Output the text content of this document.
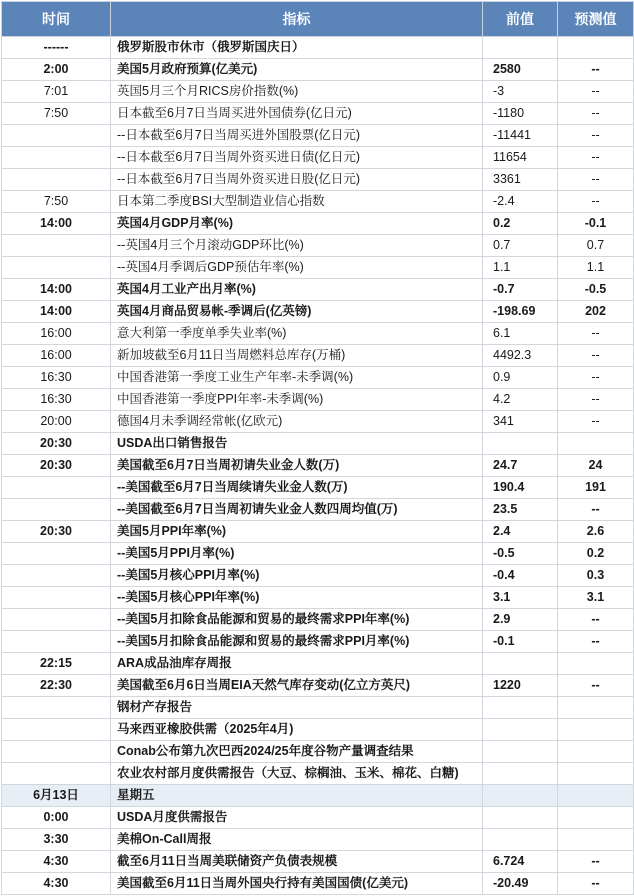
时间	指标	前值	预测值
------	俄罗斯股市休市（俄罗斯国庆日）		
2:00	美国5月政府预算(亿美元)	2580	--
7:01	英国5月三个月RICS房价指数(%)	-3	--
7:50	日本截至6月7日当周买进外国债券(亿日元)	-1180	--
	--日本截至6月7日当周买进外国股票(亿日元)	-11441	--
	--日本截至6月7日当周外资买进日债(亿日元)	11654	--
	--日本截至6月7日当周外资买进日股(亿日元)	3361	--
7:50	日本第二季度BSI大型制造业信心指数	-2.4	--
14:00	英国4月GDP月率(%)	0.2	-0.1
	--英国4月三个月滚动GDP环比(%)	0.7	0.7
	--英国4月季调后GDP预估年率(%)	1.1	1.1
14:00	英国4月工业产出月率(%)	-0.7	-0.5
14:00	英国4月商品贸易帐-季调后(亿英镑)	-198.69	202
16:00	意大利第一季度单季失业率(%)	6.1	--
16:00	新加坡截至6月11日当周燃料总库存(万桶)	4492.3	--
16:30	中国香港第一季度工业生产年率-未季调(%)	0.9	--
16:30	中国香港第一季度PPI年率-未季调(%)	4.2	--
20:00	德国4月未季调经常帐(亿欧元)	341	--
20:30	USDA出口销售报告		
20:30	美国截至6月7日当周初请失业金人数(万)	24.7	24
	--美国截至6月7日当周续请失业金人数(万)	190.4	191
	--美国截至6月7日当周初请失业金人数四周均值(万)	23.5	--
20:30	美国5月PPI年率(%)	2.4	2.6
	--美国5月PPI月率(%)	-0.5	0.2
	--美国5月核心PPI月率(%)	-0.4	0.3
	--美国5月核心PPI年率(%)	3.1	3.1
	--美国5月扣除食品能源和贸易的最终需求PPI年率(%)	2.9	--
	--美国5月扣除食品能源和贸易的最终需求PPI月率(%)	-0.1	--
22:15	ARA成品油库存周报		
22:30	美国截至6月6日当周EIA天然气库存变动(亿立方英尺)	1220	--
	钢材产存报告		
	马来西亚橡胶供需（2025年4月)		
	Conab公布第九次巴西2024/25年度谷物产量调查结果		
	农业农村部月度供需报告（大豆、棕榈油、玉米、棉花、白糖)		
6月13日	星期五		
0:00	USDA月度供需报告		
3:30	美棉On-Call周报		
4:30	截至6月11日当周美联储资产负债表规模	6.724	--
4:30	美国截至6月11日当周外国央行持有美国国债(亿美元)	-20.49	--
